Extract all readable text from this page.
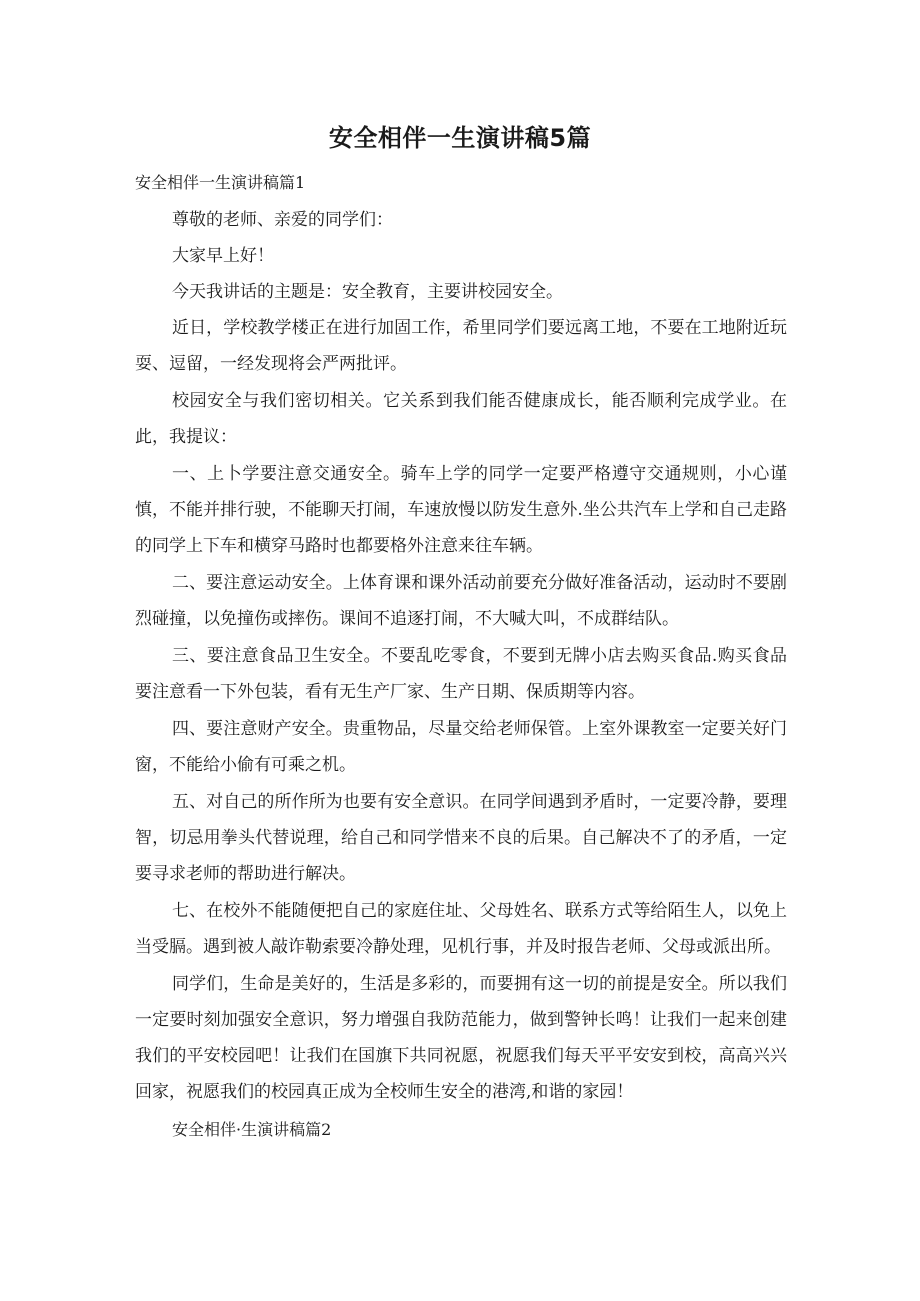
安全相伴一生演讲稿5篇

安全相伴一生演讲稿篇1

尊敬的老师、亲爱的同学们：

大家早上好！

今天我讲话的主题是：安全教育，主要讲校园安全。

近日，学校教学楼正在进行加固工作，希里同学们要远离工地，不要在工地附近玩耍、逗留，一经发现将会严两批评。

校园安全与我们密切相关。它关系到我们能否健康成长，能否顺利完成学业。在此，我提议：

一、上卜学要注意交通安全。骑车上学的同学一定要严格遵守交通规则，小心谨慎，不能并排行驶，不能聊天打闹，车速放慢以防发生意外.坐公共汽车上学和自己走路的同学上下车和横穿马路时也都要格外注意来往车辆。

二、要注意运动安全。上体育课和课外活动前要充分做好准备活动，运动时不要剧烈碰撞，以免撞伤或摔伤。课间不追逐打闹，不大喊大叫，不成群结队。

三、要注意食品卫生安全。不要乱吃零食，不要到无牌小店去购买食品.购买食品要注意看一下外包装，看有无生产厂家、生产日期、保质期等内容。

四、要注意财产安全。贵重物品，尽量交给老师保管。上室外课教室一定要关好门窗，不能给小偷有可乘之机。

五、对自己的所作所为也要有安全意识。在同学间遇到矛盾时，一定要冷静，要理智，切忌用拳头代替说理，给自己和同学惜来不良的后果。自己解决不了的矛盾，一定要寻求老师的帮助进行解决。

七、在校外不能随便把自己的家庭住址、父母姓名、联系方式等给陌生人，以免上当受膈。遇到被人敲诈勒索要冷静处理，见机行事，并及时报告老师、父母或派出所。

同学们，生命是美好的，生活是多彩的，而要拥有这一切的前提是安全。所以我们一定要时刻加强安全意识，努力增强自我防范能力，做到警钟长鸣！让我们一起来创建我们的平安校园吧！让我们在国旗下共同祝愿，祝愿我们每天平平安安到校，高高兴兴回家，祝愿我们的校园真正成为全校师生安全的港湾,和谐的家园！

安全相伴·生演讲稿篇2
